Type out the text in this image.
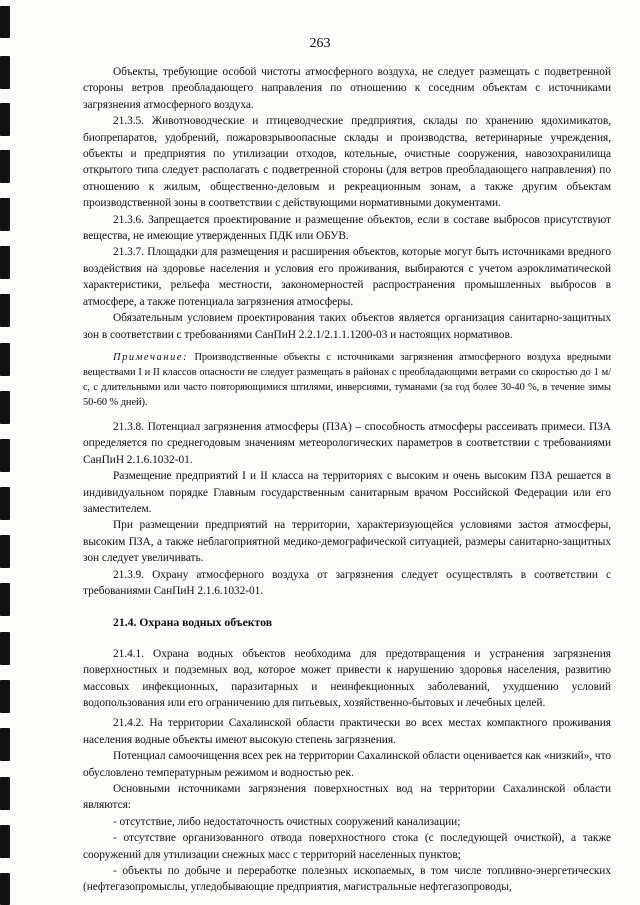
263

Объекты, требующие особой чистоты атмосферного воздуха, не следует размещать с подветренной стороны ветров преобладающего направления по отношению к соседним объектам с источниками загрязнения атмосферного воздуха.

21.3.5. Животноводческие и птицеводческие предприятия, склады по хранению ядохимикатов, биопрепаратов, удобрений, пожаровзрывоопасные склады и производства, ветеринарные учреждения, объекты и предприятия по утилизации отходов, котельные, очистные сооружения, навозохранилища открытого типа следует располагать с подветренной стороны (для ветров преобладающего направления) по отношению к жилым, общественно-деловым и рекреационным зонам, а также другим объектам производственной зоны в соответствии с действующими нормативными документами.

21.3.6. Запрещается проектирование и размещение объектов, если в составе выбросов присутствуют вещества, не имеющие утвержденных ПДК или ОБУВ.

21.3.7. Площадки для размещения и расширения объектов, которые могут быть источниками вредного воздействия на здоровье населения и условия его проживания, выбираются с учетом аэроклиматической характеристики, рельефа местности, закономерностей распространения промышленных выбросов в атмосфере, а также потенциала загрязнения атмосферы.

Обязательным условием проектирования таких объектов является организация санитарно-защитных зон в соответствии с требованиями СанПиН 2.2.1/2.1.1.1200-03 и настоящих нормативов.

Примечание: Производственные объекты с источниками загрязнения атмосферного воздуха вредными веществами I и II классов опасности не следует размещать в районах с преобладающими ветрами со скоростью до 1 м/с, с длительными или часто повторяющимися штилями, инверсиями, туманами (за год более 30-40 %, в течение зимы 50-60 % дней).

21.3.8. Потенциал загрязнения атмосферы (ПЗА) – способность атмосферы рассеивать примеси. ПЗА определяется по среднегодовым значениям метеорологических параметров в соответствии с требованиями СанПиН 2.1.6.1032-01.

Размещение предприятий I и II класса на территориях с высоким и очень высоким ПЗА решается в индивидуальном порядке Главным государственным санитарным врачом Российской Федерации или его заместителем.

При размещении предприятий на территории, характеризующейся условиями застоя атмосферы, высоким ПЗА, а также неблагоприятной медико-демографической ситуацией, размеры санитарно-защитных зон следует увеличивать.

21.3.9. Охрану атмосферного воздуха от загрязнения следует осуществлять в соответствии с требованиями СанПиН 2.1.6.1032-01.

21.4. Охрана водных объектов

21.4.1. Охрана водных объектов необходима для предотвращения и устранения загрязнения поверхностных и подземных вод, которое может привести к нарушению здоровья населения, развитию массовых инфекционных, паразитарных и неинфекционных заболеваний, ухудшению условий водопользования или его ограничению для питьевых, хозяйственно-бытовых и лечебных целей.

21.4.2. На территории Сахалинской области практически во всех местах компактного проживания населения водные объекты имеют высокую степень загрязнения.

Потенциал самоочищения всех рек на территории Сахалинской области оценивается как «низкий», что обусловлено температурным режимом и водностью рек.

Основными источниками загрязнения поверхностных вод на территории Сахалинской области являются:

- отсутствие, либо недостаточность очистных сооружений канализации;

- отсутствие организованного отвода поверхностного стока (с последующей очисткой), а также сооружений для утилизации снежных масс с территорий населенных пунктов;

- объекты по добыче и переработке полезных ископаемых, в том числе топливно-энергетических (нефтегазопромыслы, угледобывающие предприятия, магистральные нефтегазопроводы,
